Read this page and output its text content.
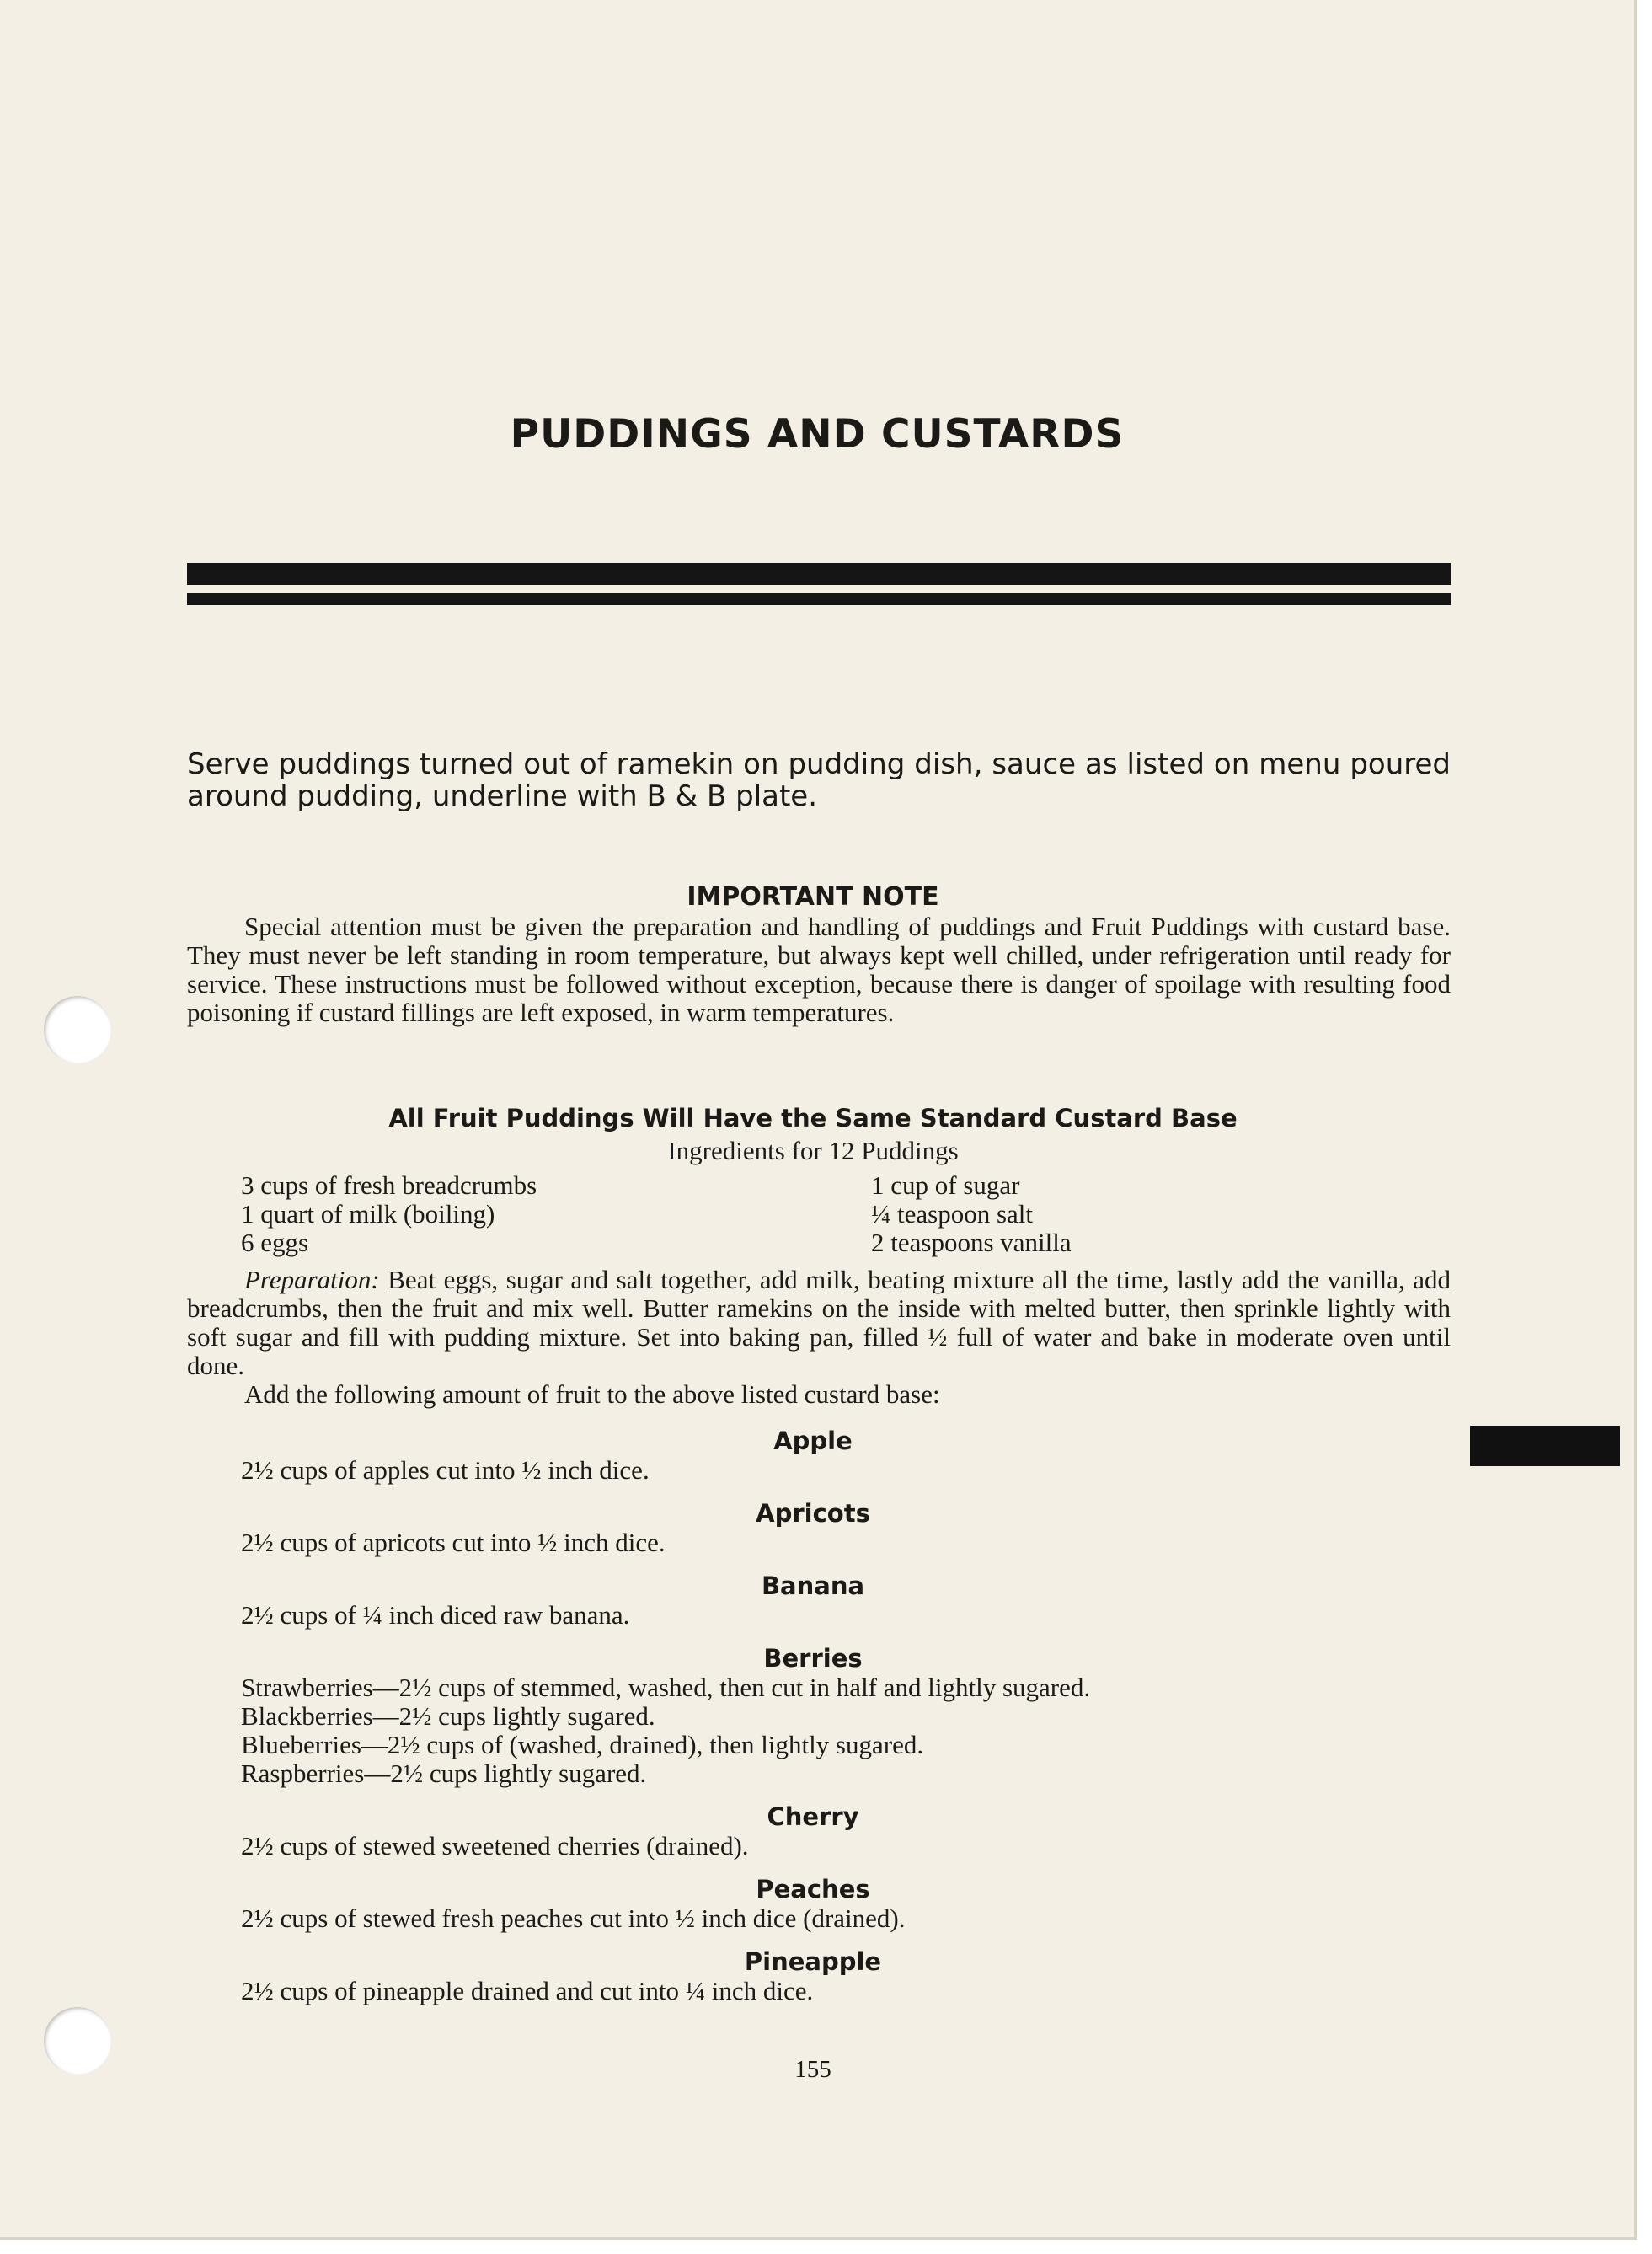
PUDDINGS AND CUSTARDS
Serve puddings turned out of ramekin on pudding dish, sauce as listed on menu poured around pudding, underline with B & B plate.
IMPORTANT NOTE
Special attention must be given the preparation and handling of puddings and Fruit Puddings with custard base. They must never be left standing in room temperature, but always kept well chilled, under refrigeration until ready for service. These instructions must be followed without exception, because there is danger of spoilage with resulting food poisoning if custard fillings are left exposed, in warm temperatures.
All Fruit Puddings Will Have the Same Standard Custard Base
Ingredients for 12 Puddings
3 cups of fresh breadcrumbs
1 quart of milk (boiling)
6 eggs
1 cup of sugar
¼ teaspoon salt
2 teaspoons vanilla
Preparation: Beat eggs, sugar and salt together, add milk, beating mixture all the time, lastly add the vanilla, add breadcrumbs, then the fruit and mix well. Butter ramekins on the inside with melted butter, then sprinkle lightly with soft sugar and fill with pudding mixture. Set into baking pan, filled ½ full of water and bake in moderate oven until done.
Add the following amount of fruit to the above listed custard base:
Apple
2½ cups of apples cut into ½ inch dice.
Apricots
2½ cups of apricots cut into ½ inch dice.
Banana
2½ cups of ¼ inch diced raw banana.
Berries
Strawberries—2½ cups of stemmed, washed, then cut in half and lightly sugared.
Blackberries—2½ cups lightly sugared.
Blueberries—2½ cups of (washed, drained), then lightly sugared.
Raspberries—2½ cups lightly sugared.
Cherry
2½ cups of stewed sweetened cherries (drained).
Peaches
2½ cups of stewed fresh peaches cut into ½ inch dice (drained).
Pineapple
2½ cups of pineapple drained and cut into ¼ inch dice.
155
